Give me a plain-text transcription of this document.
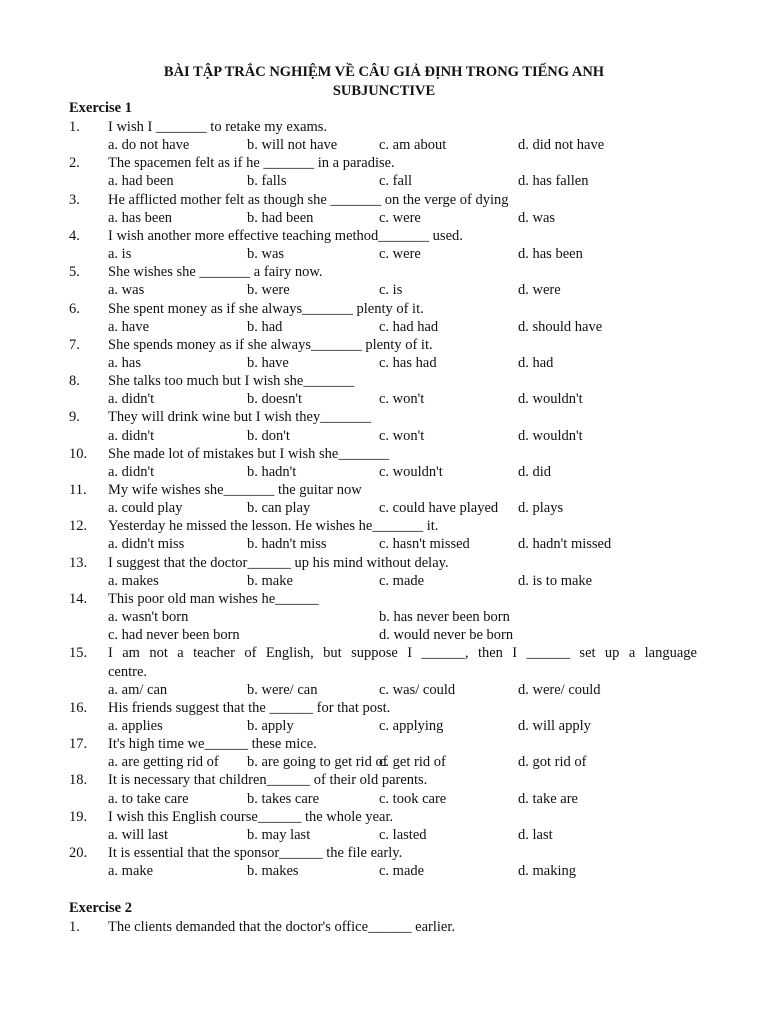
BÀI TẬP TRẮC NGHIỆM VỀ CÂU GIẢ ĐỊNH TRONG TIẾNG ANH
SUBJUNCTIVE
Exercise 1
1.	I wish I _______ to retake my exams.
a. do not have	b. will not have	c. am about	d. did not have
2.	The spacemen felt as if he _______ in a paradise.
a. had been	b. falls	c. fall	d. has fallen
3.	He afflicted mother felt as though she _______ on the verge of dying
a. has been	b. had been	c. were	d. was
4.	I wish another more effective teaching method_______ used.
a. is	b. was	c. were	d. has been
5.	She wishes she _______ a fairy now.
a. was	b. were	c. is	d. were
6.	She spent money as if she always_______ plenty of it.
a. have	b. had	c. had had	d. should have
7.	She spends money as if she always_______ plenty of it.
a. has	b. have	c. has had	d. had
8.	She talks too much but I wish she_______
a. didn't	b. doesn't	c. won't	d. wouldn't
9.	They will drink wine but I wish they_______
a. didn't	b. don't	c. won't	d. wouldn't
10.	She made lot of mistakes but I wish she_______
a. didn't	b. hadn't	c. wouldn't	d. did
11.	My wife wishes she_______ the guitar now
a. could play	b. can play	c. could have played d. plays
12.	Yesterday he missed the lesson. He wishes he_______ it.
a. didn't miss	b. hadn't miss	c. hasn't missed	d. hadn't missed
13.	I suggest that the doctor______ up his mind without delay.
a. makes	b. make	c. made	d. is to make
14.	This poor old man wishes he______
a. wasn't born	b. has never been born
c. had never been born	d. would never be born
15.	I am not a teacher of English, but suppose I ______, then I ______ set up a language
centre.
a. am/ can	b. were/ can	c. was/ could	d. were/ could
16.	His friends suggest that the ______ for that post.
a. applies	b. apply	c. applying	d. will apply
17.	It's high time we______ these mice.
a. are getting rid of b. are going to get rid of
c. get rid of	d. got rid of
18.	It is necessary that children______ of their old parents.
a. to take care	b. takes care	c. took care	d. take are
19.	I wish this English course______ the whole year.
a. will last	b. may last	c. lasted	d. last
20.	It is essential that the sponsor______ the file early.
a. make	b. makes	c. made	d. making
Exercise 2
1.	The clients demanded that the doctor's office______ earlier.
